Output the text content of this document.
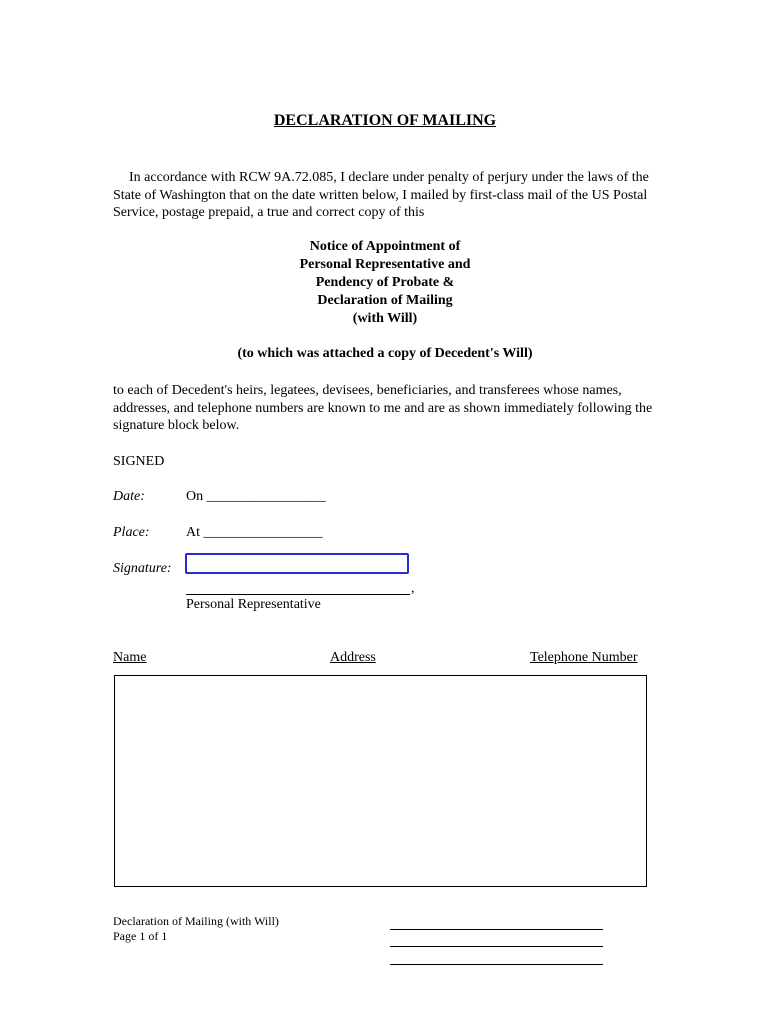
DECLARATION OF MAILING
In accordance with RCW 9A.72.085, I declare under penalty of perjury under the laws of the State of Washington that on the date written below, I mailed by first-class mail of the US Postal Service, postage prepaid, a true and correct copy of this
Notice of Appointment of
Personal Representative and
Pendency of Probate &
Declaration of Mailing
(with Will)
(to which was attached a copy of Decedent's Will)
to each of Decedent's heirs, legatees, devisees, beneficiaries, and transferees whose names, addresses, and telephone numbers are known to me and are as shown immediately following the signature block below.
SIGNED
Date:	On _________________
Place:	At _________________
Signature:
,
Personal Representative
Name	Address	Telephone Number
Declaration of Mailing (with Will)
Page 1 of 1
